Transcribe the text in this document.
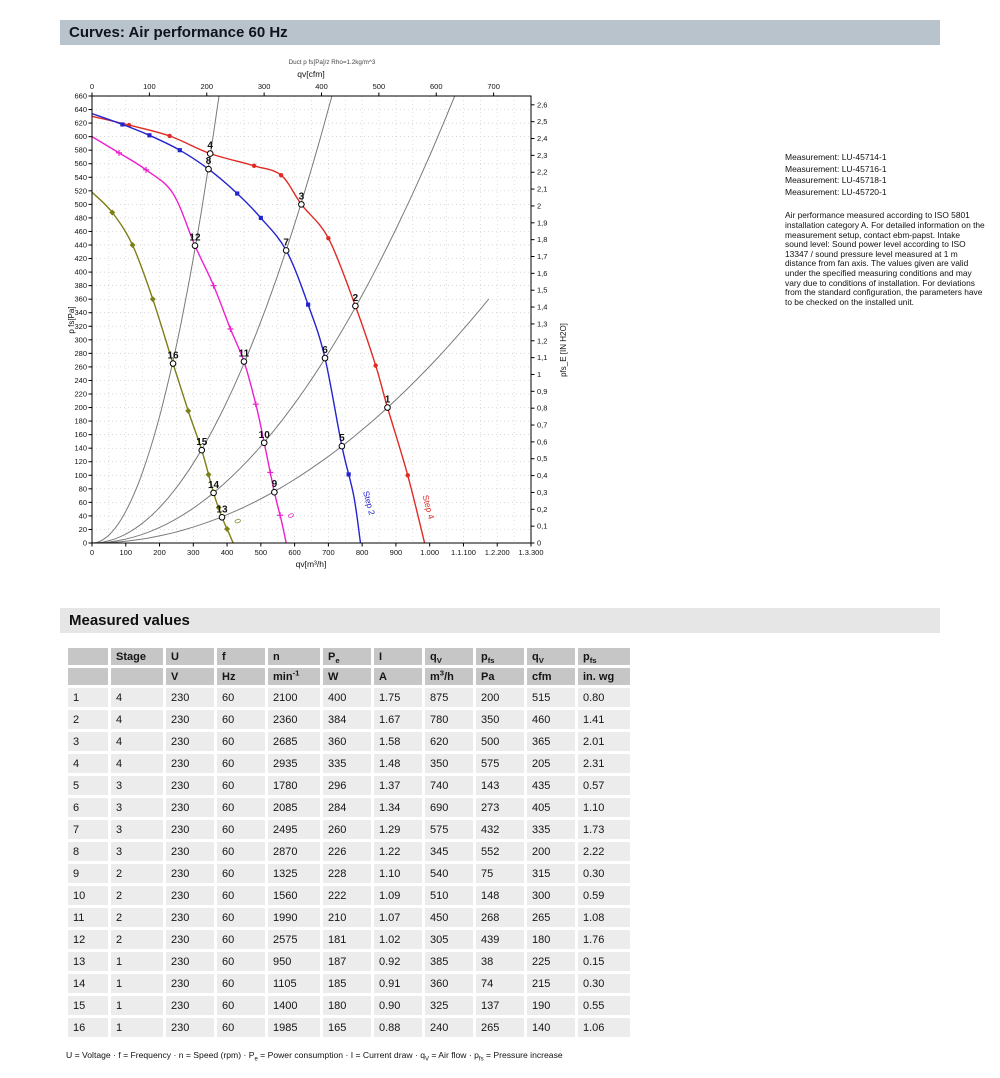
Curves: Air performance 60 Hz
Step 4
Step 2
0
0
1
2
3
4
5
6
7
8
9
10
11
12
13
14
15
16
0	100	200	300	400	500	600	700	800	900 1.000 1.1.100 1.2.200 1.3.300
0	100	200	300	400	500	600	700
0
20
40
60
80
100
120
140
160
180
200
220
240
260
280
300
320
340
360
380
400
420
440
460
480
500
520
540
560
580
600
620
640
660
0
0,1
0,2
0,3
0,4
0,5
0,6
0,7
0,8
0,9
1
1,1
1,2
1,3
1,4
1,5
1,6
1,7
1,8
1,9
2
2,1
2,2
2,3
2,4
2,5
2,6
Duct p fs[Pa]/z Rho=1.2kg/m^3
qv[cfm]
qv[m³/h]
p fs[Pa]
pfs_E [IN H2O]
Measurement: LU-45714-1
Measurement: LU-45716-1
Measurement: LU-45718-1
Measurement: LU-45720-1
Air performance measured according to ISO 5801 installation category A. For detailed information on the measurement setup, contact ebm-papst. Intake sound level: Sound power level according to ISO 13347 / sound pressure level measured at 1 m distance from fan axis. The values given are valid under the specified measuring conditions and may vary due to conditions of installation. For deviations from the standard configuration, the parameters have to be checked on the installed unit.
Measured values
	Stage	U	f	n	$P_e$	I	$q_V$	$p_{fs}$	$q_V$	$p_{fs}$
		V	Hz	$\min^{-1}$	W	A	$m^3/h$	Pa	cfm	in. wg
1	4	230	60	2100	400	1.75	875	200	515	0.80
2	4	230	60	2360	384	1.67	780	350	460	1.41
3	4	230	60	2685	360	1.58	620	500	365	2.01
4	4	230	60	2935	335	1.48	350	575	205	2.31
5	3	230	60	1780	296	1.37	740	143	435	0.57
6	3	230	60	2085	284	1.34	690	273	405	1.10
7	3	230	60	2495	260	1.29	575	432	335	1.73
8	3	230	60	2870	226	1.22	345	552	200	2.22
9	2	230	60	1325	228	1.10	540	75	315	0.30
10	2	230	60	1560	222	1.09	510	148	300	0.59
11	2	230	60	1990	210	1.07	450	268	265	1.08
12	2	230	60	2575	181	1.02	305	439	180	1.76
13	1	230	60	950	187	0.92	385	38	225	0.15
14	1	230	60	1105	185	0.91	360	74	215	0.30
15	1	230	60	1400	180	0.90	325	137	190	0.55
16	1	230	60	1985	165	0.88	240	265	140	1.06
U = Voltage · f = Frequency · n = Speed $(rpm) \cdot P_e$ = Power consumption · I = Current draw · $q_V$ = Air flow · $p_{fs}$ = Pressure increase
